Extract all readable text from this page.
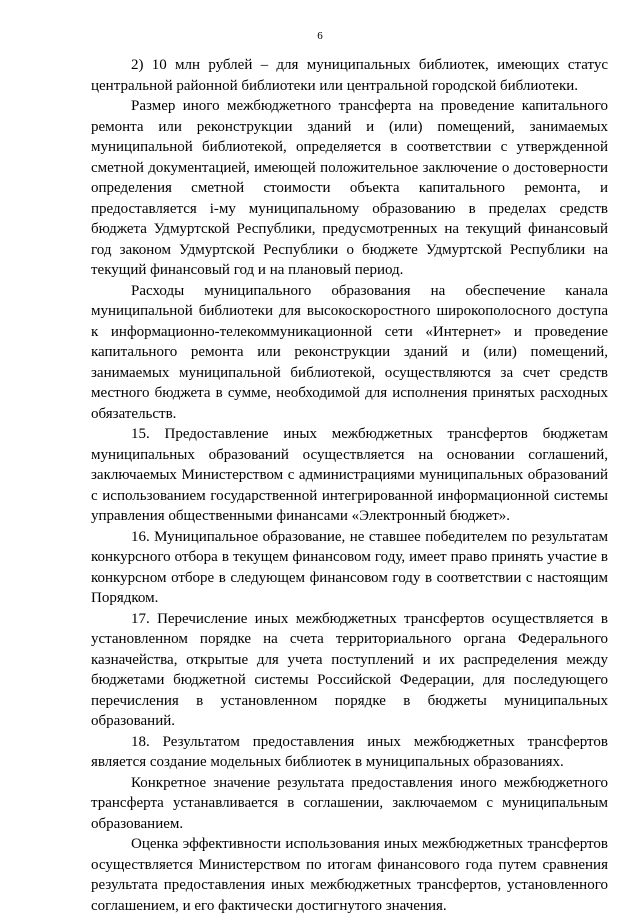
6

2) 10 млн рублей – для муниципальных библиотек, имеющих статус центральной районной библиотеки или центральной городской библиотеки.

Размер иного межбюджетного трансферта на проведение капитального ремонта или реконструкции зданий и (или) помещений, занимаемых муниципальной библиотекой, определяется в соответствии с утвержденной сметной документацией, имеющей положительное заключение о достоверности определения сметной стоимости объекта капитального ремонта, и предоставляется i-му муниципальному образованию в пределах средств бюджета Удмуртской Республики, предусмотренных на текущий финансовый год законом Удмуртской Республики о бюджете Удмуртской Республики на текущий финансовый год и на плановый период.

Расходы муниципального образования на обеспечение канала муниципальной библиотеки для высокоскоростного широкополосного доступа к информационно-телекоммуникационной сети «Интернет» и проведение капитального ремонта или реконструкции зданий и (или) помещений, занимаемых муниципальной библиотекой, осуществляются за счет средств местного бюджета в сумме, необходимой для исполнения принятых расходных обязательств.

15. Предоставление иных межбюджетных трансфертов бюджетам муниципальных образований осуществляется на основании соглашений, заключаемых Министерством с администрациями муниципальных образований с использованием государственной интегрированной информационной системы управления общественными финансами «Электронный бюджет».

16. Муниципальное образование, не ставшее победителем по результатам конкурсного отбора в текущем финансовом году, имеет право принять участие в конкурсном отборе в следующем финансовом году в соответствии с настоящим Порядком.

17. Перечисление иных межбюджетных трансфертов осуществляется в установленном порядке на счета территориального органа Федерального казначейства, открытые для учета поступлений и их распределения между бюджетами бюджетной системы Российской Федерации, для последующего перечисления в установленном порядке в бюджеты муниципальных образований.

18. Результатом предоставления иных межбюджетных трансфертов является создание модельных библиотек в муниципальных образованиях.

Конкретное значение результата предоставления иного межбюджетного трансферта устанавливается в соглашении, заключаемом с муниципальным образованием.

Оценка эффективности использования иных межбюджетных трансфертов осуществляется Министерством по итогам финансового года путем сравнения результата предоставления иных межбюджетных трансфертов, установленного соглашением, и его фактически достигнутого значения.
